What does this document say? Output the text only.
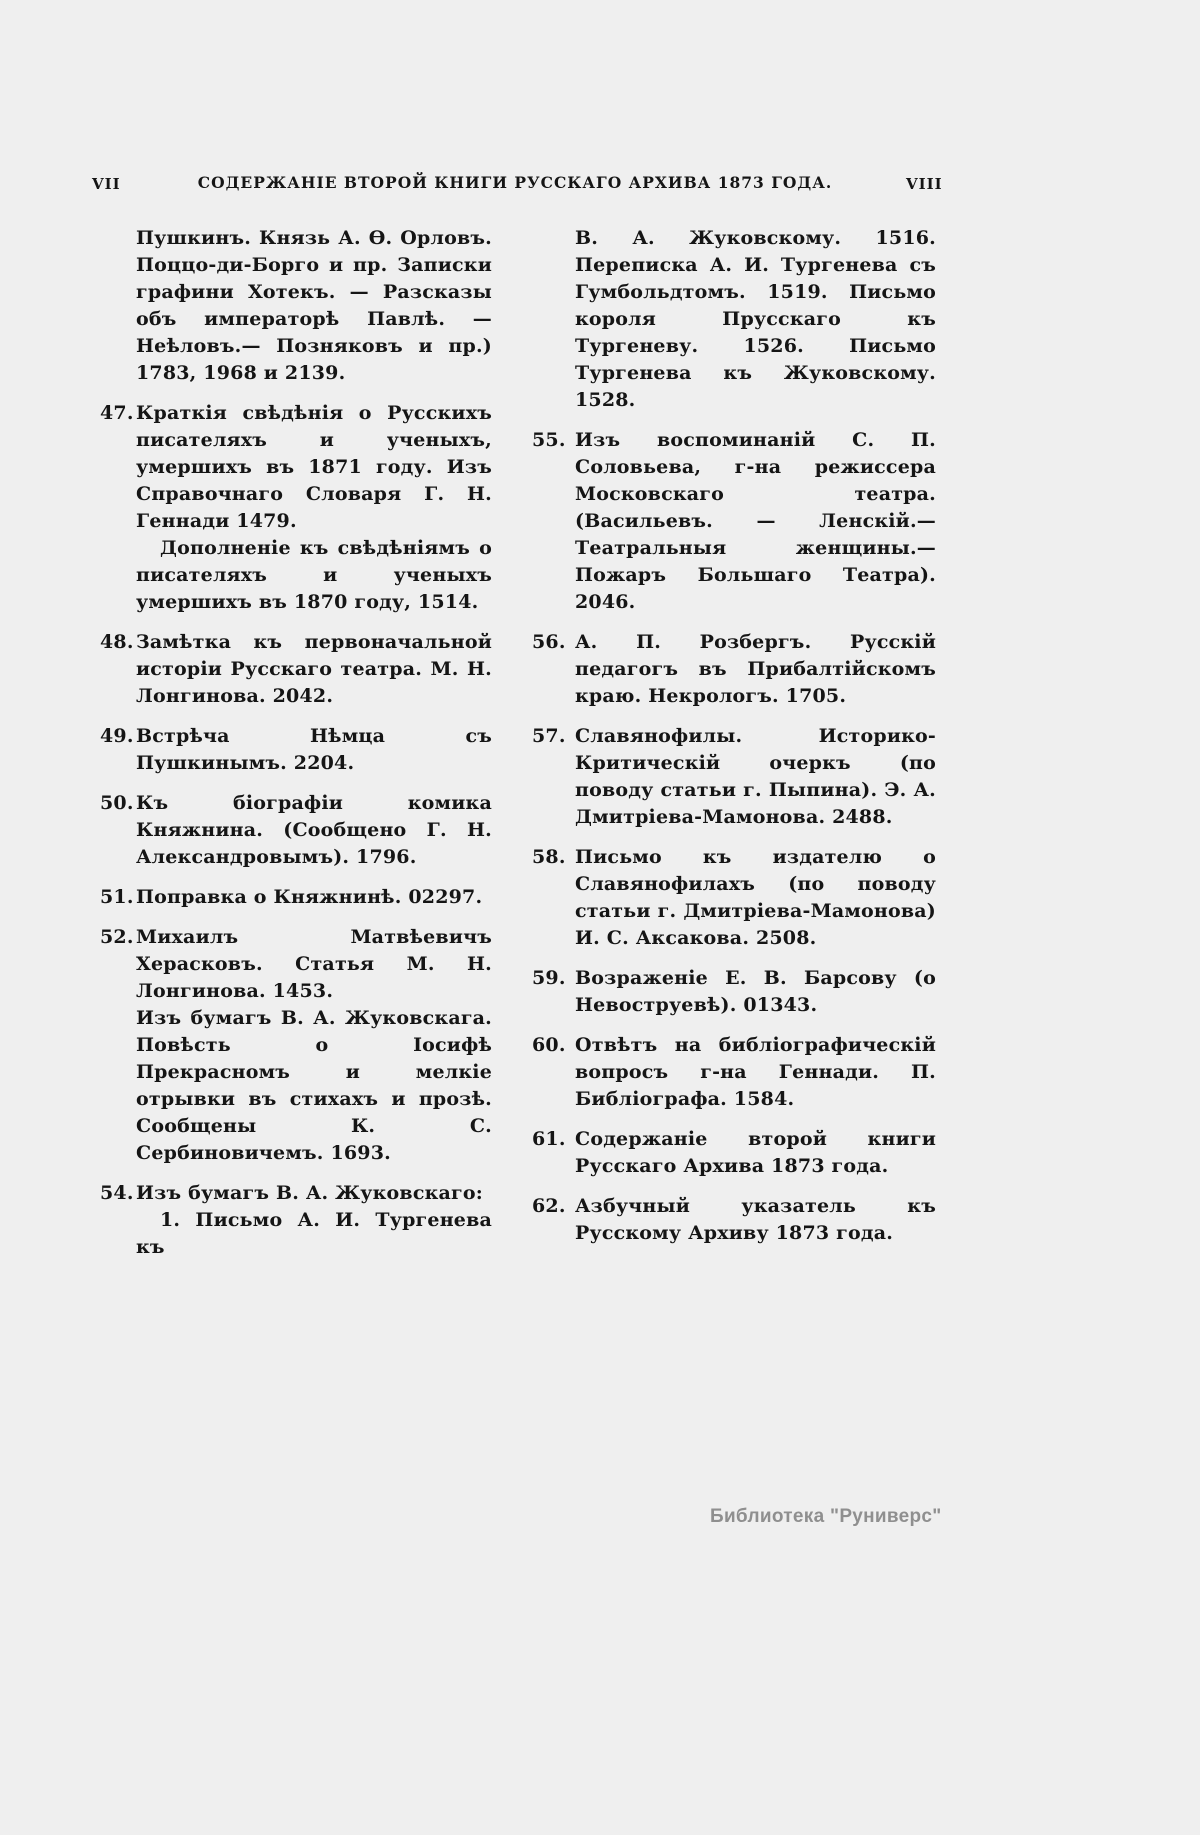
VII	СОДЕРЖАНІЕ ВТОРОЙ КНИГИ РУССКАГО АРХИВА 1873 ГОДА.	VIII
Пушкинъ. Князь А. Ѳ. Орловъ. Поццо-ди-Борго и пр. Записки графини Хотекъ. — Разсказы объ императорѣ Павлѣ. — Неѣловъ.— Позняковъ и пр.) 1783, 1968 и 2139.
47. Краткія свѣдѣнія о Русскихъ писателяхъ и ученыхъ, умершихъ въ 1871 году. Изъ Справочнаго Словаря Г. Н. Геннади 1479.
Дополненіе къ свѣдѣніямъ о писателяхъ и ученыхъ умершихъ въ 1870 году, 1514.
48. Замѣтка къ первоначальной исторіи Русскаго театра. М. Н. Лонгинова. 2042.
49. Встрѣча Нѣмца съ Пушкинымъ. 2204.
50. Къ біографіи комика Княжнина. (Сообщено Г. Н. Александровымъ). 1796.
51. Поправка о Княжнинѣ. 02297.
52. Михаилъ Матвѣевичъ Херасковъ. Статья М. Н. Лонгинова. 1453.
Изъ бумагъ В. А. Жуковскага. Повѣсть о Іосифѣ Прекрасномъ и мелкіе отрывки въ стихахъ и прозѣ. Сообщены К. С. Сербиновичемъ. 1693.
54. Изъ бумагъ В. А. Жуковскаго:
1. Письмо А. И. Тургенева къ
В. А. Жуковскому. 1516. Переписка А. И. Тургенева съ Гумбольдтомъ. 1519. Письмо короля Прусскаго къ Тургеневу. 1526. Письмо Тургенева къ Жуковскому. 1528.
55. Изъ воспоминаній С. П. Соловьева, г-на режиссера Московскаго театра. (Васильевъ. — Ленскій.— Театральныя женщины.—Пожаръ Большаго Театра). 2046.
56. А. П. Розбергъ. Русскій педагогъ въ Прибалтійскомъ краю. Некрологъ. 1705.
57. Славянофилы. Историко-Критическій очеркъ (по поводу статьи г. Пыпина). Э. А. Дмитріева-Мамонова. 2488.
58. Письмо къ издателю о Славянофилахъ (по поводу статьи г. Дмитріева-Мамонова) И. С. Аксакова. 2508.
59. Возраженіе Е. В. Барсову (о Невоструевѣ). 01343.
60. Отвѣтъ на библіографическій вопросъ г-на Геннади. П. Библіографа. 1584.
61. Содержаніе второй книги Русскаго Архива 1873 года.
62. Азбучный указатель къ Русскому Архиву 1873 года.
Библиотека "Руниверс"
